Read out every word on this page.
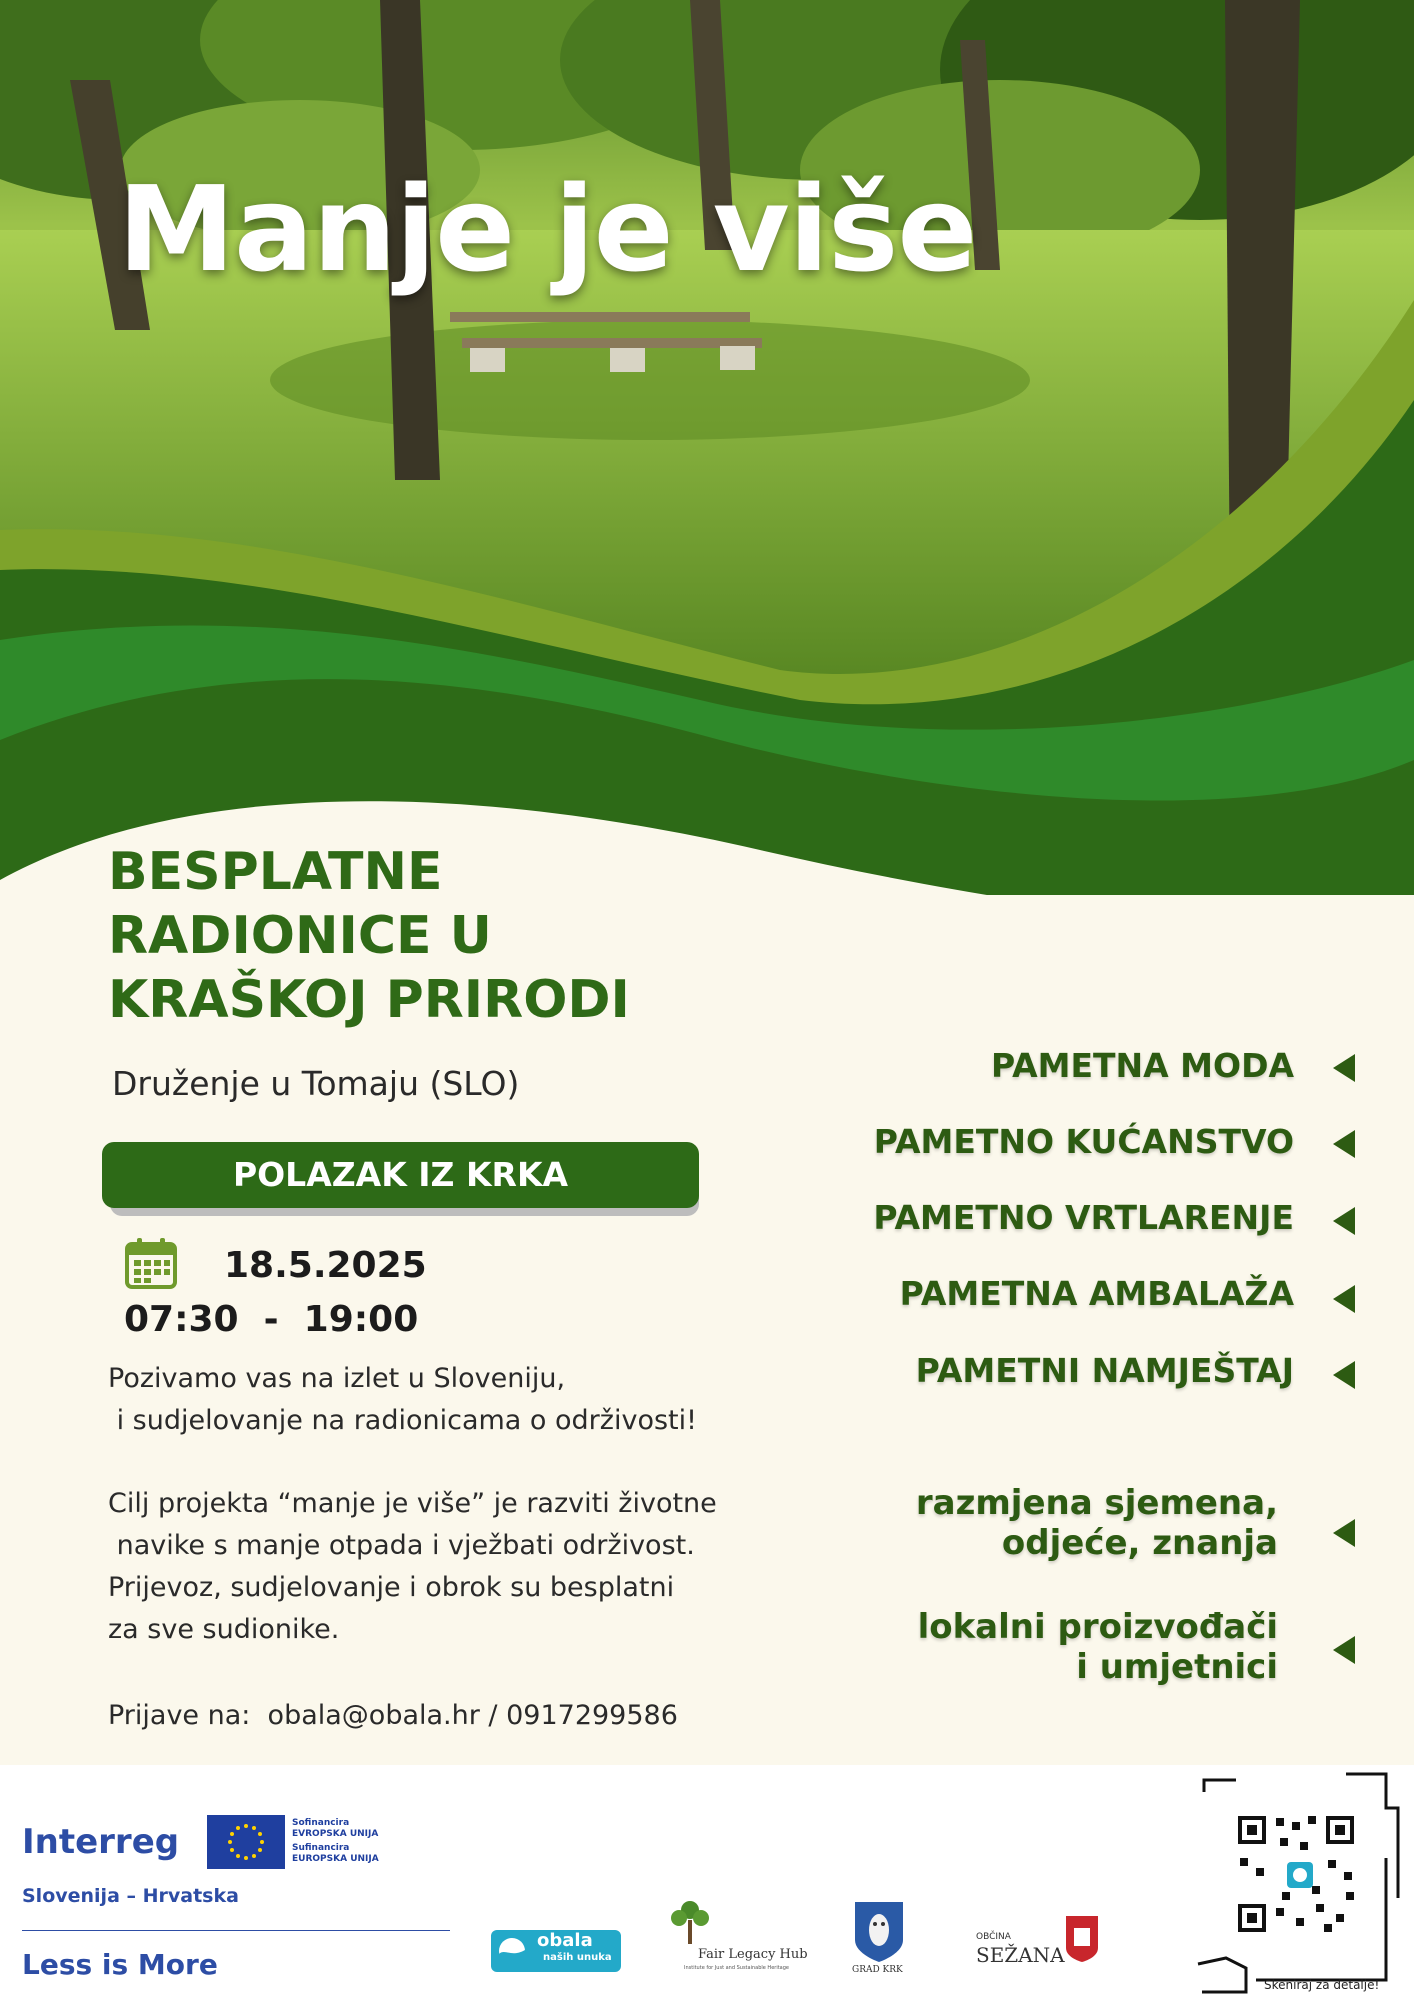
Manje je više
BESPLATNE
RADIONICE U
KRAŠKOJ PRIRODI
Druženje u Tomaju (SLO)
POLAZAK IZ KRKA
18.5.2025
07:30  -  19:00
Pozivamo vas na izlet u Sloveniju,
i sudjelovanje na radionicama o održivosti!
Cilj projekta “manje je više” je razviti životne
navike s manje otpada i vježbati održivost.
Prijevoz, sudjelovanje i obrok su besplatni
za sve sudionike.
Prijave na:  obala@obala.hr / 0917299586
PAMETNA MODA
PAMETNO KUĆANSTVO
PAMETNO VRTLARENJE
PAMETNA AMBALAŽA
PAMETNI NAMJEŠTAJ
razmjena sjemena,
odjeće, znanja
lokalni proizvođači
i umjetnici
Interreg	Sofinancira
EVROPSKA UNIJA
Sufinancira
EUROPSKA UNIJA
Slovenija – Hrvatska
Less is More
obala
naših unuka	Fair Legacy Hub
Institute for Just and Sustainable Heritage	GRAD KRK
OBČINA
SEŽANA
Skeniraj za detalje!
